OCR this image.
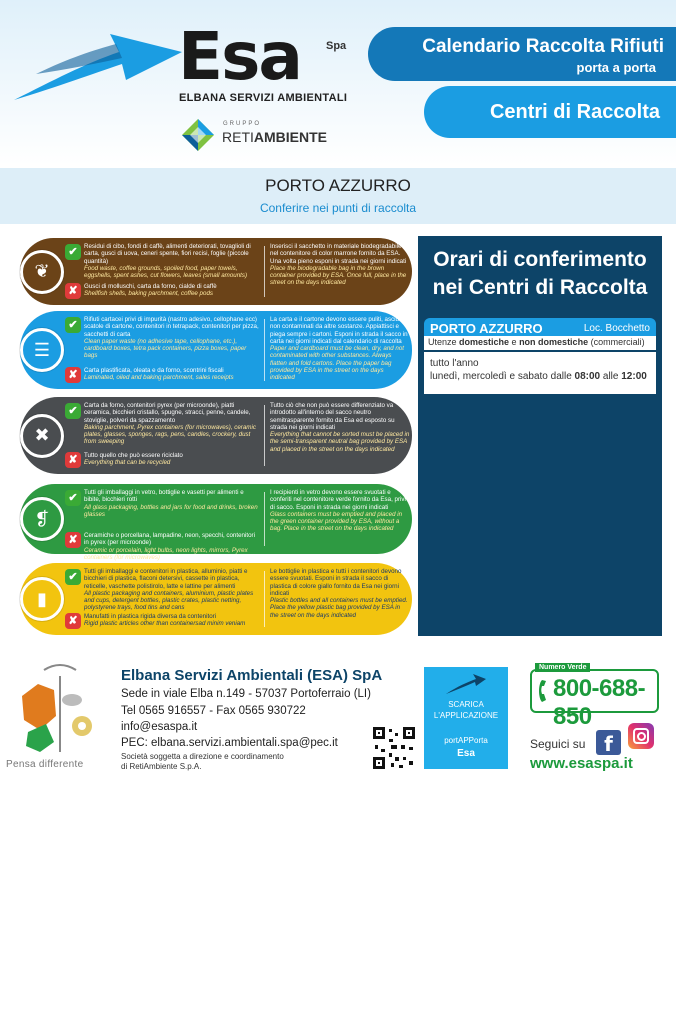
Esa Spa
ELBANA SERVIZI AMBIENTALI
GRUPPO
RETIAMBIENTE
Calendario Raccolta Rifiuti
porta a porta
Centri di Raccolta
PORTO AZZURRO
Conferire nei punti di raccolta
❦
✔
✘
Residui di cibo, fondi di caffè, alimenti deteriorati, tovaglioli di carta, gusci di uova, ceneri spente, fiori recisi, foglie (piccole quantità)
Food waste, coffee grounds, spoiled food, paper towels, eggshells, spent ashes, cut flowers, leaves (small amounts)
Gusci di molluschi, carta da forno, cialde di caffè
Shellfish shells, baking parchment, coffee pods
Inserisci il sacchetto in materiale biodegradabile nel contenitore di color marrone fornito da ESA. Una volta pieno esponi in strada nei giorni indicati
Place the biodegradable bag in the brown container provided by ESA. Once full, place in the street on the days indicated
☰
✔
✘
Rifiuti cartacei privi di impurità (nastro adesivo, cellophane ecc) scatole di cartone, contenitori in tetrapack, contenitori per pizza, sacchetti di carta
Clean paper waste (no adhesive tape, cellophane, etc.), cardboard boxes, tetra pack containers, pizza boxes, paper bags
Carta plastificata, oleata e da forno, scontrini fiscali
Laminated, oiled and baking parchment, sales receipts
La carta e il cartone devono essere puliti, asciutti e non contaminati da altre sostanze. Appiattisci e piega sempre i cartoni. Esponi in strada il sacco in carta nei giorni indicati dal calendario di raccolta
Paper and cardboard must be clean, dry, and not contaminated with other substances. Always flatten and fold cartons. Place the paper bag provided by ESA in the street on the days indicated
✖
✔
✘
Carta da forno, contenitori pyrex (per microonde), piatti ceramica, bicchieri cristallo, spugne, stracci, penne, candele, stoviglie, polveri da spazzamento
Baking parchment, Pyrex containers (for microwaves), ceramic plates, glasses, sponges, rags, pens, candles, crockery, dust from sweeping
Tutto quello che può essere riciclato
Everything that can be recycled
Tutto ciò che non può essere differenziato va introdotto all'interno del sacco neutro semitrasparente fornito da Esa ed esposto su strada nei giorni indicati
Everything that cannot be sorted must be placed in the semi-transparent neutral bag provided by ESA and placed in the street on the days indicated
❡
✔
✘
Tutti gli imballaggi in vetro, bottiglie e vasetti per alimenti e bibite, bicchieri rotti
All glass packaging, bottles and jars for food and drinks, broken glasses
Ceramiche o porcellana, lampadine, neon, specchi, contenitori in pyrex (per microonde)
Ceramic or porcelain, light bulbs, neon lights, mirrors, Pyrex containers (for microwaves)
I recipienti in vetro devono essere svuotati e conferiti nel contenitore verde fornito da Esa, privi di sacco. Esponi in strada nei giorni indicati
Glass containers must be emptied and placed in the green container provided by ESA, without a bag. Place in the street on the days indicated
▮
✔
✘
Tutti gli imballaggi e contenitori in plastica, alluminio, piatti e bicchieri di plastica, flaconi detersivi, cassette in plastica, reticelle, vaschette polistirolo, latte e lattine per alimenti
All plastic packaging and containers, aluminium, plastic plates and cups, detergent bottles, plastic crates, plastic netting, polystyrene trays, food tins and cans
Manufatti in plastica rigida diversa da contenitori
Rigid plastic articles other than containersad minim veniam
Le bottiglie in plastica e tutti i contenitori devono essere svuotati. Esponi in strada il sacco di plastica di colore giallo fornito da Esa nei giorni indicati
Plastic bottles and all containers must be emptied. Place the yellow plastic bag provided by ESA in the street on the days indicated
Orari di conferimento
nei Centri di Raccolta
PORTO AZZURRO	Loc. Bocchetto
Utenze domestiche e non domestiche (commerciali)
tutto l'anno
lunedì, mercoledì e sabato dalle 08:00 alle 12:00
Pensa differente
Elbana Servizi Ambientali (ESA) SpA
Sede in viale Elba n.149 - 57037 Portoferraio (LI)
Tel 0565 916557 - Fax 0565 930722
info@esaspa.it
PEC: elbana.servizi.ambientali.spa@pec.it
Società soggetta a direzione e coordinamento
di RetiAmbiente S.p.A.
SCARICA
L'APPLICAZIONE
portAPPorta
Esa
Numero Verde
800-688-850
Seguici su f
www.esaspa.it
